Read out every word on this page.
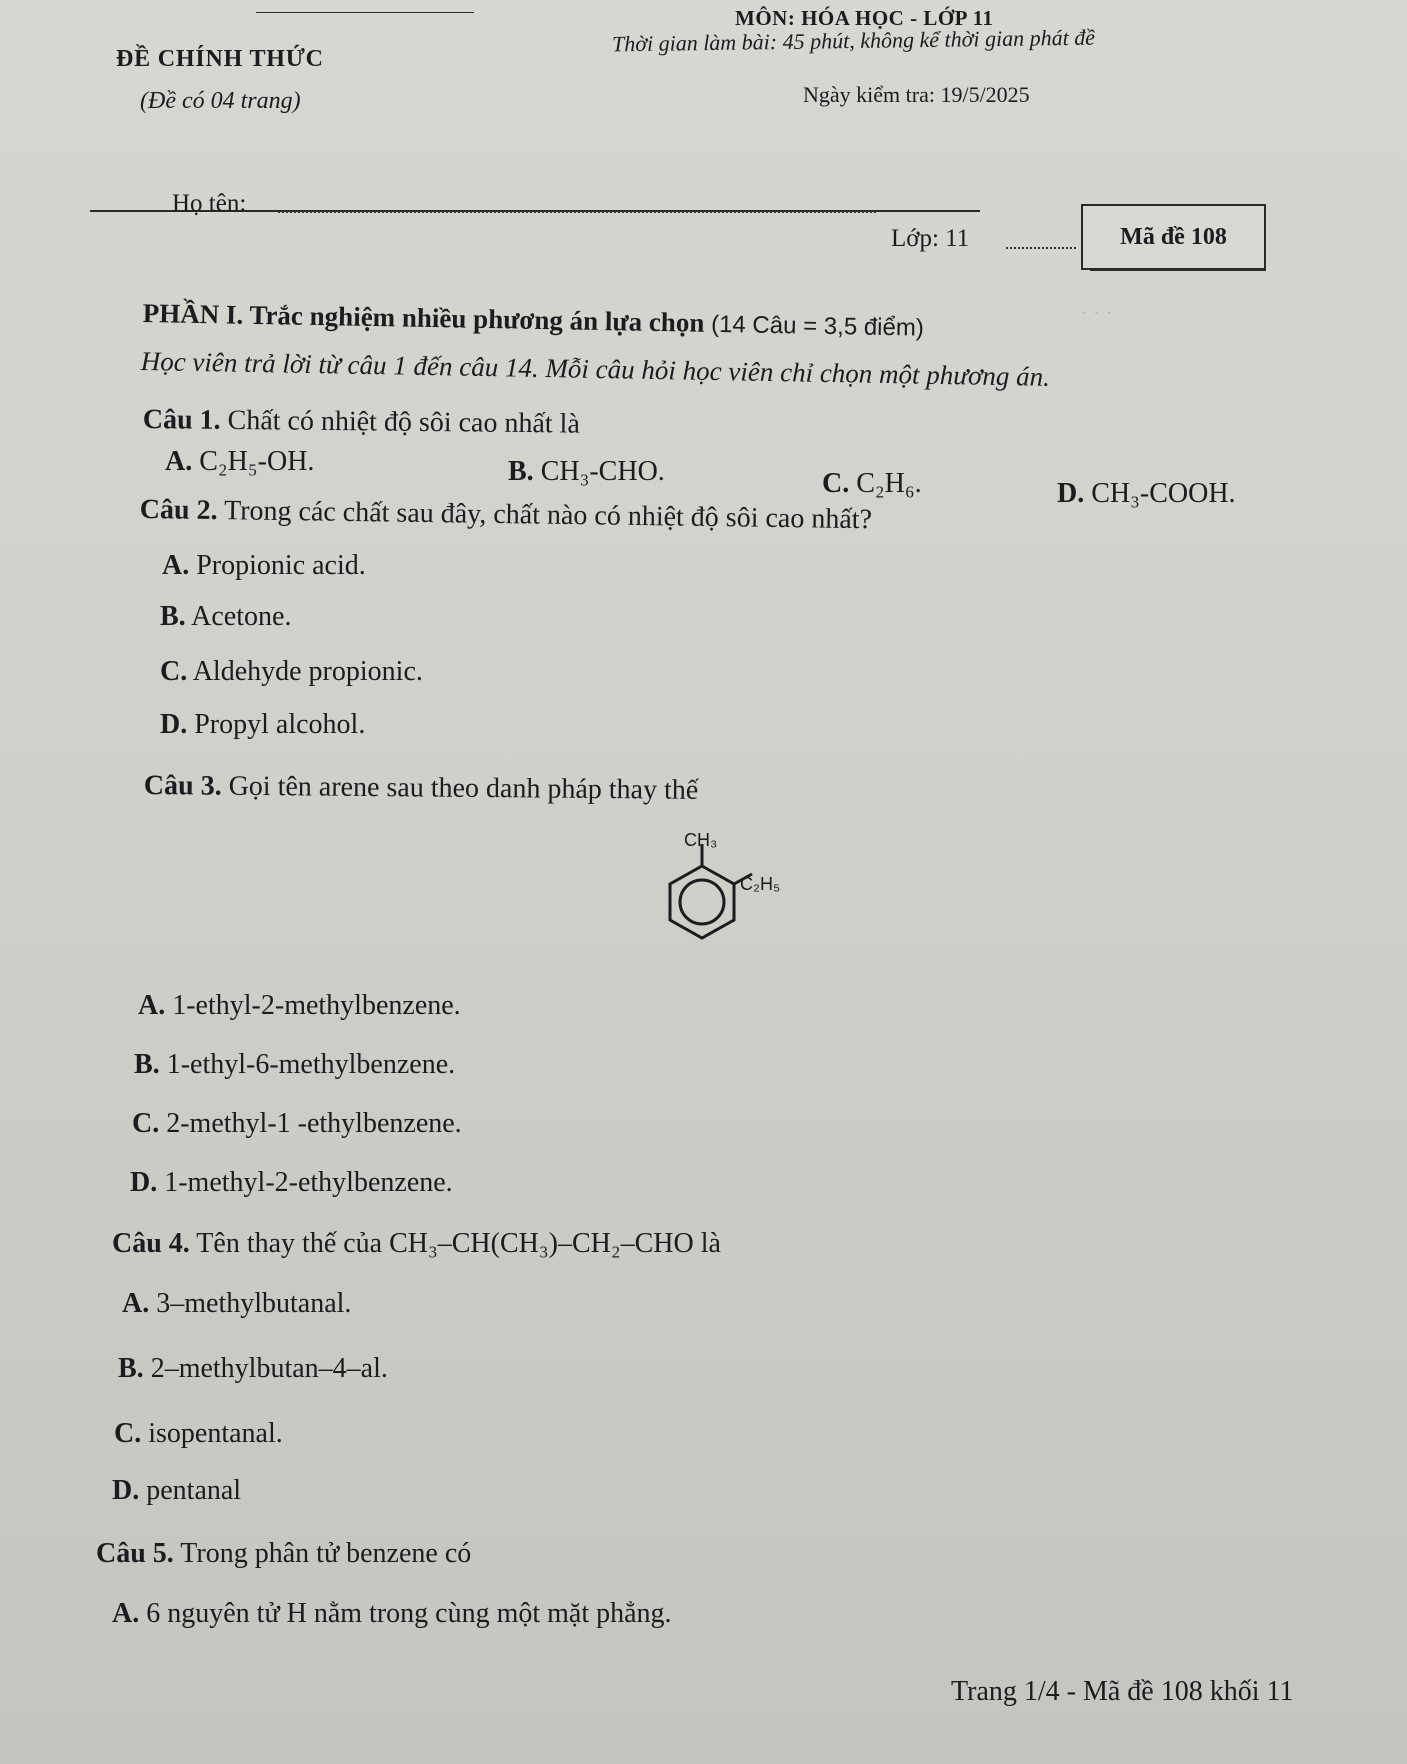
· · ·
MÔN: HÓA HỌC - LỚP 11
Thời gian làm bài: 45 phút, không kể thời gian phát đề
ĐỀ CHÍNH THỨC
(Đề có 04 trang)	Ngày kiểm tra: 19/5/2025
Họ tên:
Lớp: 11	Mã đề 108
PHẦN I. Trắc nghiệm nhiều phương án lựa chọn (14 Câu = 3,5 điểm)
Học viên trả lời từ câu 1 đến câu 14. Mỗi câu hỏi học viên chỉ chọn một phương án.
Câu 1. Chất có nhiệt độ sôi cao nhất là
A. C₂H₅-OH.	B. CH₃-CHO.	C. C₂H₆.	D. CH₃-COOH.
Câu 2. Trong các chất sau đây, chất nào có nhiệt độ sôi cao nhất?
A. Propionic acid.
B. Acetone.
C. Aldehyde propionic.
D. Propyl alcohol.
Câu 3. Gọi tên arene sau theo danh pháp thay thế
CH₃
C₂H₅
A. 1-ethyl-2-methylbenzene.
B. 1-ethyl-6-methylbenzene.
C. 2-methyl-1 -ethylbenzene.
D. 1-methyl-2-ethylbenzene.
Câu 4. Tên thay thế của CH₃–CH(CH₃)–CH₂–CHO là
A. 3–methylbutanal.
B. 2–methylbutan–4–al.
C. isopentanal.
D. pentanal
Câu 5. Trong phân tử benzene có
A. 6 nguyên tử H nằm trong cùng một mặt phẳng.
Trang 1/4 - Mã đề 108 khối 11
